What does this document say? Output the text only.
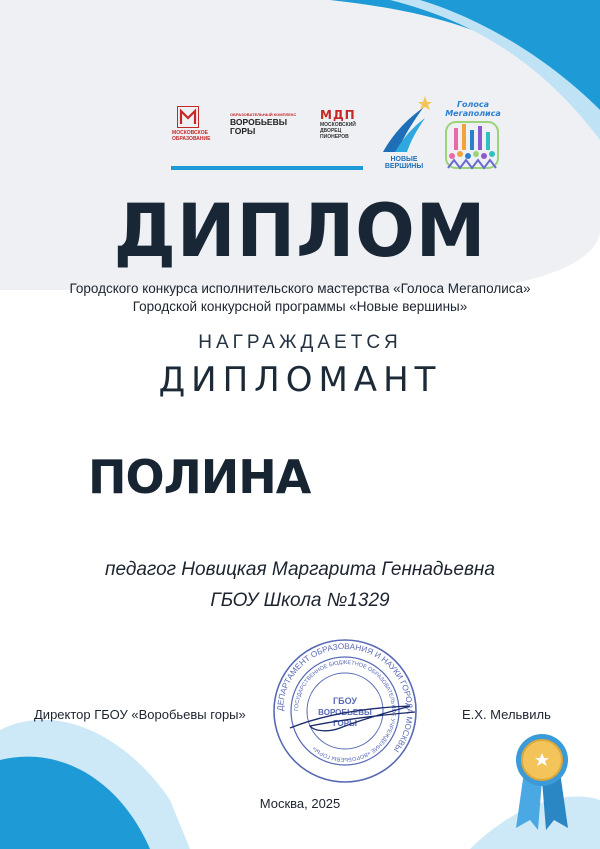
МОСКОВСКОЕ ОБРАЗОВАНИЕ
ОБРАЗОВАТЕЛЬНЫЙ КОМПЛЕКС
ВОРОБЬЕВЫ ГОРЫ
МДП
МОСКОВСКИЙ ДВОРЕЦ ПИОНЕРОВ
НОВЫЕ ВЕРШИНЫ
Голоса Мегаполиса
ДИПЛОМ
Городского конкурса исполнительского мастерства «Голоса Мегаполиса»
Городской конкурсной программы «Новые вершины»
НАГРАЖДАЕТСЯ
ДИПЛОМАНТ
ПОЛИНА
педагог Новицкая Маргарита Геннадьевна
ГБОУ Школа №1329
ДЕПАРТАМЕНТ ОБРАЗОВАНИЯ И НАУКИ ГОРОДА МОСКВЫ
ГОСУДАРСТВЕННОЕ БЮДЖЕТНОЕ ОБРАЗОВАТЕЛЬНОЕ УЧРЕЖДЕНИЕ «ВОРОБЬЕВЫ ГОРЫ»
ГБОУ
ВОРОБЬЕВЫ
ГОРЫ
Директор ГБОУ «Воробьевы горы»	Е.Х. Мельвиль
Москва, 2025
